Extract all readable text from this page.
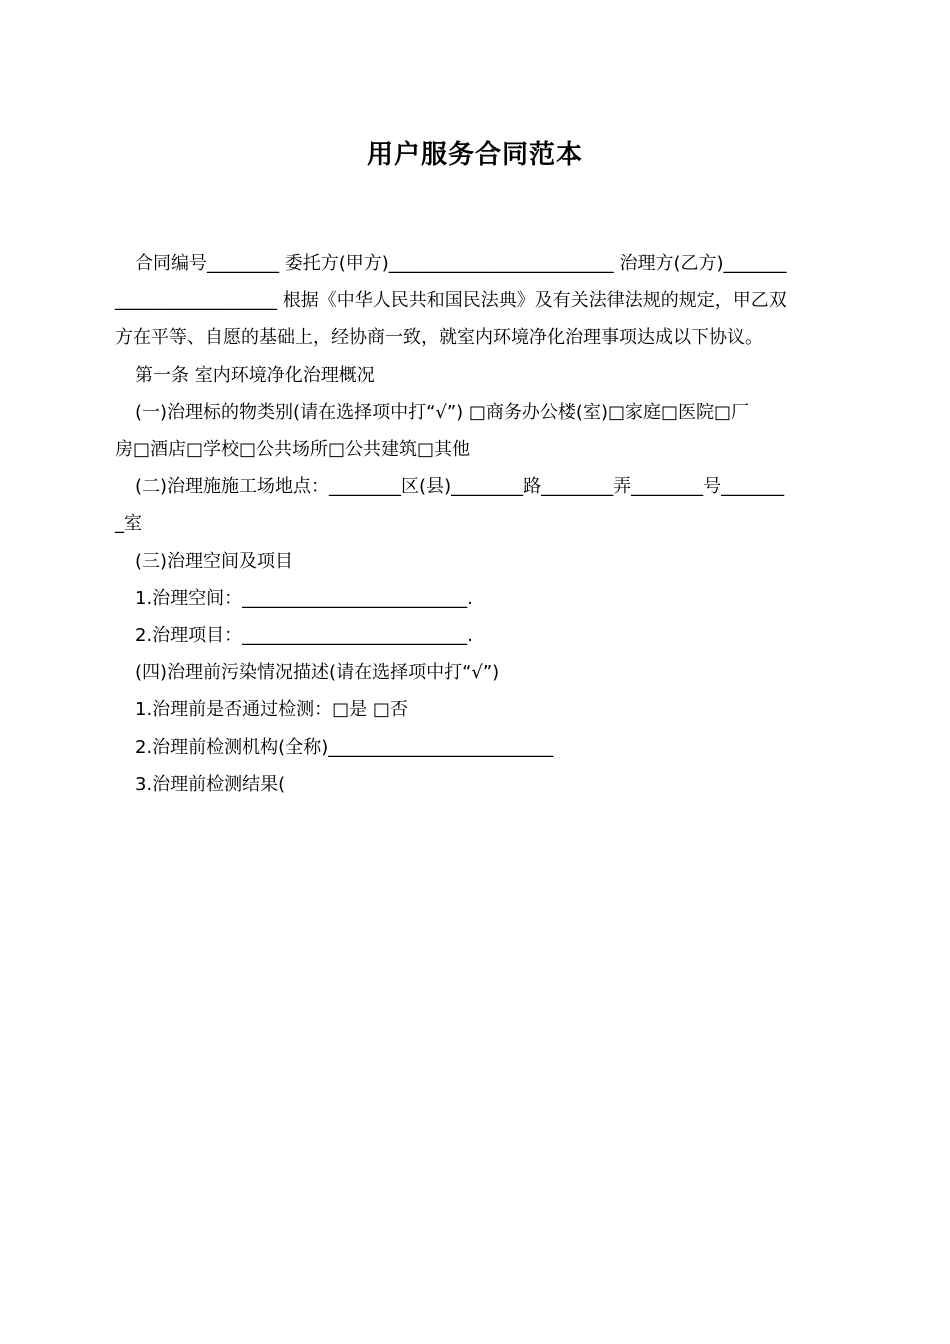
用户服务合同范本

合同编号________ 委托方(甲方)_________________________ 治理方(乙方)_______

__________________ 根据《中华人民共和国民法典》及有关法律法规的规定，甲乙双

方在平等、自愿的基础上，经协商一致，就室内环境净化治理事项达成以下协议。

第一条 室内环境净化治理概况

(一)治理标的物类别(请在选择项中打“√”) □商务办公楼(室)□家庭□医院□厂

房□酒店□学校□公共场所□公共建筑□其他

(二)治理施施工场地点：________区(县)________路________弄________号_______

_室

(三)治理空间及项目

1.治理空间：_________________________.

2.治理项目：_________________________.

(四)治理前污染情况描述(请在选择项中打“√”)

1.治理前是否通过检测：□是 □否

2.治理前检测机构(全称)_________________________

3.治理前检测结果(
